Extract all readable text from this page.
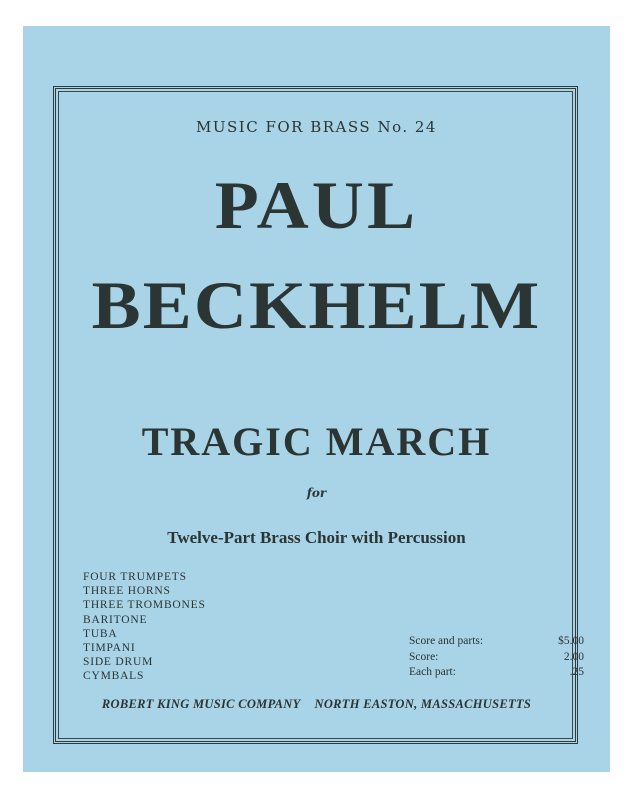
MUSIC FOR BRASS No. 24

PAUL

BECKHELM

TRAGIC MARCH

for

Twelve-Part Brass Choir with Percussion

FOUR TRUMPETS
THREE HORNS
THREE TROMBONES
BARITONE
TUBA
TIMPANI
SIDE DRUM
CYMBALS
Score and parts:	$5.00
Score:	2.00
Each part:	.25

ROBERT KING MUSIC COMPANY NORTH EASTON, MASSACHUSETTS
